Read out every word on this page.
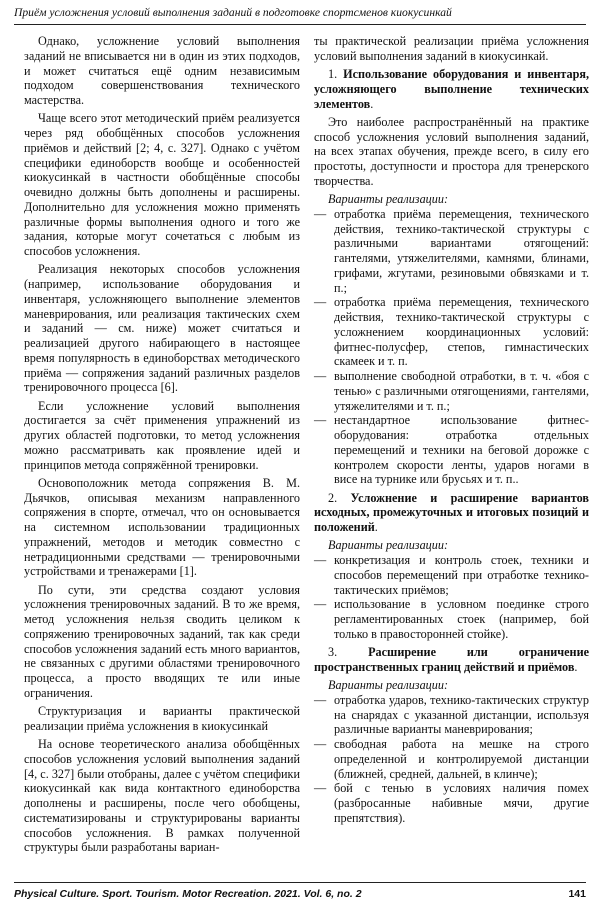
Приём усложнения условий выполнения заданий в подготовке спортсменов киокусинкай

Однако, усложнение условий выполнения заданий не вписывается ни в один из этих подходов, и может считаться ещё одним независимым подходом совершенствования технического мастерства.

Чаще всего этот методический приём реализуется через ряд обобщённых способов усложнения приёмов и действий [2; 4, с. 327]. Однако с учётом специфики единоборств вообще и особенностей киокусинкай в частности обобщённые способы очевидно должны быть дополнены и расширены. Дополнительно для усложнения можно применять различные формы выполнения одного и того же задания, которые могут сочетаться с любым из способов усложнения.

Реализация некоторых способов усложнения (например, использование оборудования и инвентаря, усложняющего выполнение элементов маневрирования, или реализация тактических схем и заданий — см. ниже) может считаться и реализацией другого набирающего в настоящее время популярность в единоборствах методического приёма — сопряжения заданий различных разделов тренировочного процесса [6].

Если усложнение условий выполнения достигается за счёт применения упражнений из других областей подготовки, то метод усложнения можно рассматривать как проявление идей и принципов метода сопряжённой тренировки.

Основоположник метода сопряжения В. М. Дьячков, описывая механизм направленного сопряжения в спорте, отмечал, что он основывается на системном использовании традиционных упражнений, методов и методик совместно с нетрадиционными средствами — тренировочными устройствами и тренажерами [1].

По сути, эти средства создают условия усложнения тренировочных заданий. В то же время, метод усложнения нельзя сводить целиком к сопряжению тренировочных заданий, так как среди способов усложнения заданий есть много вариантов, не связанных с другими областями тренировочного процесса, а просто вводящих те или иные ограничения.

Структуризация и варианты практической реализации приёма усложнения в киокусинкай

На основе теоретического анализа обобщённых способов усложнения условий выполнения заданий [4, с. 327] были отобраны, далее с учётом специфики киокусинкай как вида контактного единоборства дополнены и расширены, после чего обобщены, систематизированы и структурированы варианты способов усложнения. В рамках полученной структуры были разработаны вариан-

ты практической реализации приёма усложнения условий выполнения заданий в киокусинкай.

1. Использование оборудования и инвентаря, усложняющего выполнение технических элементов.

Это наиболее распространённый на практике способ усложнения условий выполнения заданий, на всех этапах обучения, прежде всего, в силу его простоты, доступности и простора для тренерского творчества.

Варианты реализации:

— отработка приёма перемещения, технического действия, технико-тактической структуры с различными вариантами отягощений: гантелями, утяжелителями, камнями, блинами, грифами, жгутами, резиновыми обвязками и т. п.;
— отработка приёма перемещения, технического действия, технико-тактической структуры с усложнением координационных условий: фитнес-полусфер, степов, гимнастических скамеек и т. п.
— выполнение свободной отработки, в т. ч. «боя с тенью» с различными отягощениями, гантелями, утяжелителями и т. п.;
— нестандартное использование фитнес-оборудования: отработка отдельных перемещений и техники на беговой дорожке с контролем скорости ленты, ударов ногами в висе на турнике или брусьях и т. п..

2. Усложнение и расширение вариантов исходных, промежуточных и итоговых позиций и положений.

Варианты реализации:

— конкретизация и контроль стоек, техники и способов перемещений при отработке технико-тактических приёмов;
— использование в условном поединке строго регламентированных стоек (например, бой только в правосторонней стойке).

3.	Расширение или ограничение пространственных границ действий и приёмов.

Варианты реализации:

— отработка ударов, технико-тактических структур на снарядах с указанной дистанции, используя различные варианты маневрирования;
— свободная работа на мешке на строго определенной и контролируемой дистанции (ближней, средней, дальней, в клинче);
— бой с тенью в условиях наличия помех (разбросанные набивные мячи, другие препятствия).
Physical Culture. Sport. Tourism. Motor Recreation. 2021. Vol. 6, no. 2	141
